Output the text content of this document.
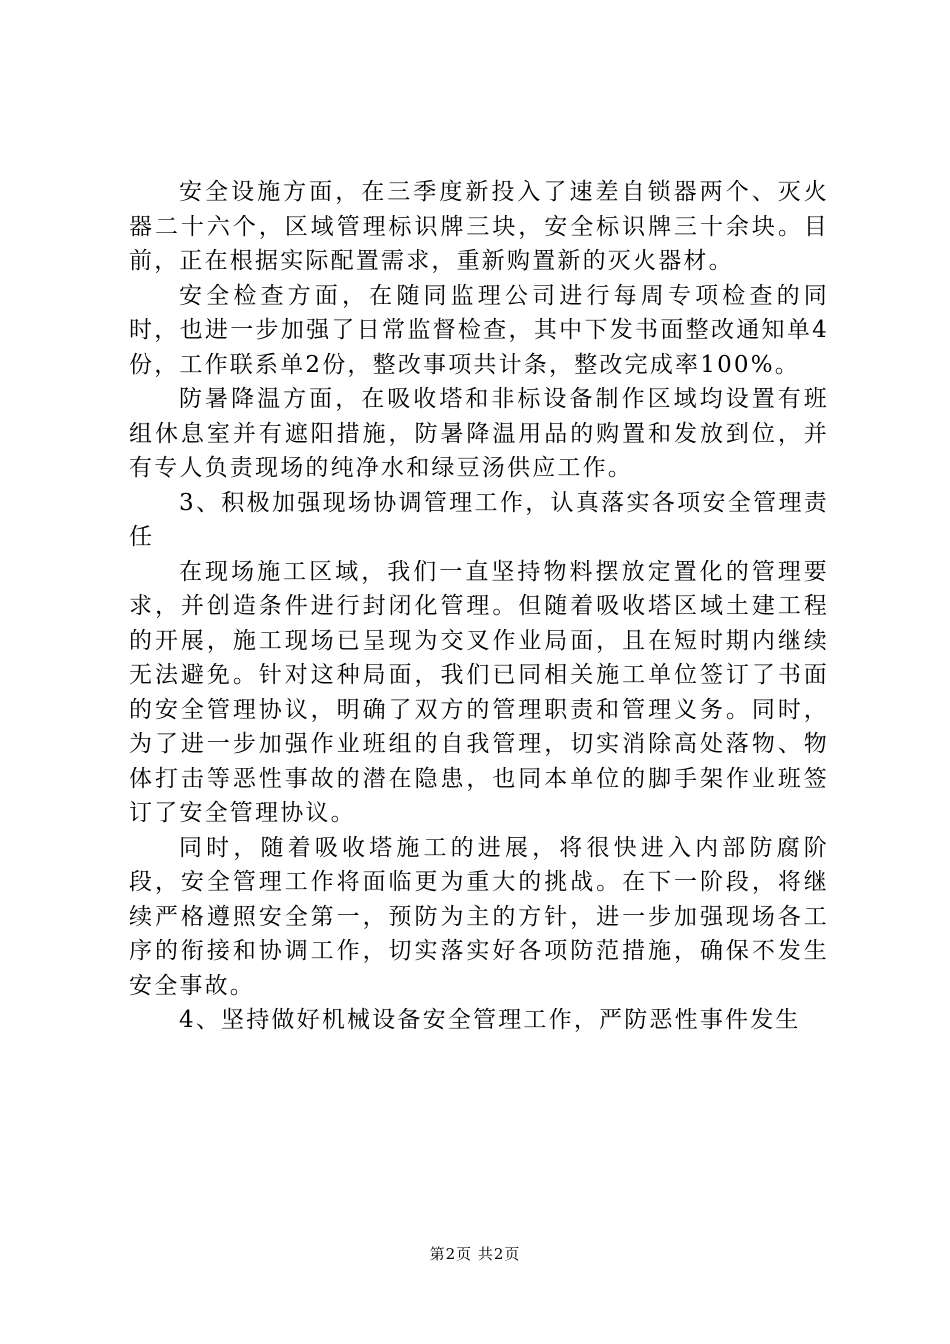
安全设施方面，在三季度新投入了速差自锁器两个、灭火器二十六个，区域管理标识牌三块，安全标识牌三十余块。目前，正在根据实际配置需求，重新购置新的灭火器材。

安全检查方面，在随同监理公司进行每周专项检查的同时，也进一步加强了日常监督检查，其中下发书面整改通知单4份，工作联系单2份，整改事项共计条，整改完成率100%。

防暑降温方面，在吸收塔和非标设备制作区域均设置有班组休息室并有遮阳措施，防暑降温用品的购置和发放到位，并有专人负责现场的纯净水和绿豆汤供应工作。

3、积极加强现场协调管理工作，认真落实各项安全管理责任

在现场施工区域，我们一直坚持物料摆放定置化的管理要求，并创造条件进行封闭化管理。但随着吸收塔区域土建工程的开展，施工现场已呈现为交叉作业局面，且在短时期内继续无法避免。针对这种局面，我们已同相关施工单位签订了书面的安全管理协议，明确了双方的管理职责和管理义务。同时，为了进一步加强作业班组的自我管理，切实消除高处落物、物体打击等恶性事故的潜在隐患，也同本单位的脚手架作业班签订了安全管理协议。

同时，随着吸收塔施工的进展，将很快进入内部防腐阶段，安全管理工作将面临更为重大的挑战。在下一阶段，将继续严格遵照安全第一，预防为主的方针，进一步加强现场各工序的衔接和协调工作，切实落实好各项防范措施，确保不发生安全事故。

4、坚持做好机械设备安全管理工作，严防恶性事件发生

第2页 共2页
